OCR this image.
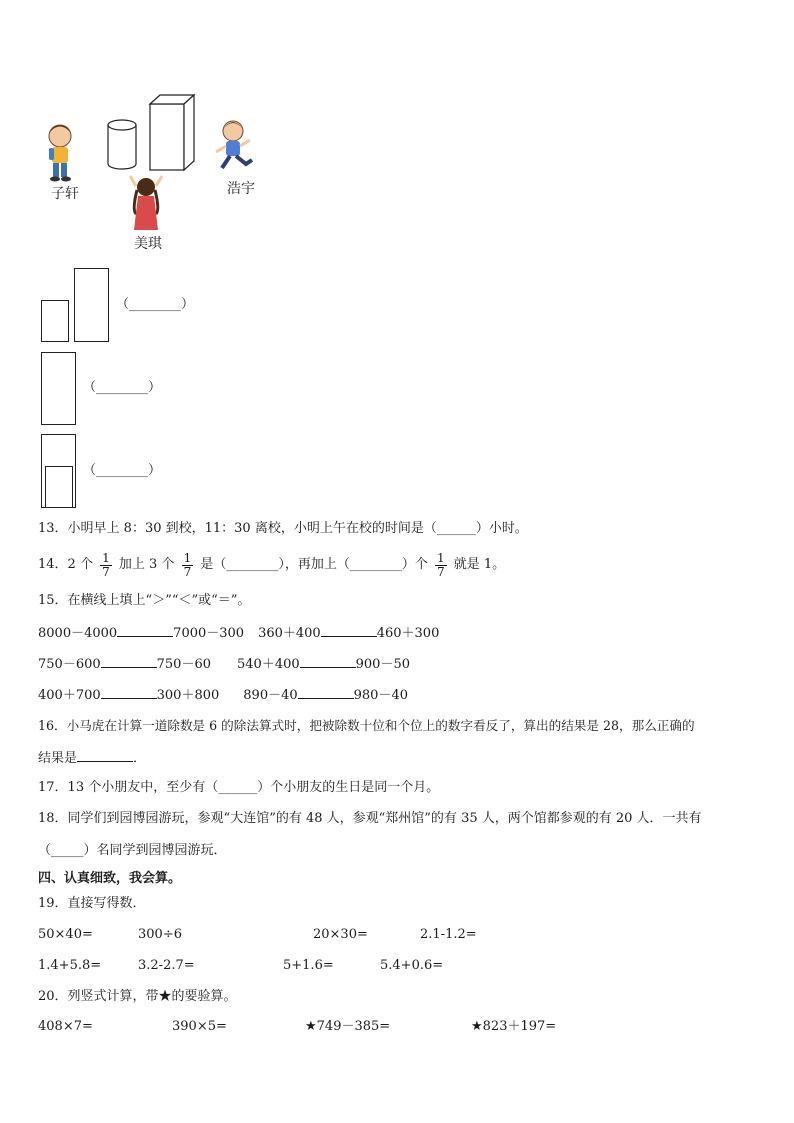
子轩	浩宇
美琪
（________）
（________）
（________）
13．小明早上 8：30 到校，11：30 离校，小明上午在校的时间是（______）小时。
14．2 个 $\frac{1}{7}$ 加上 3 个 $\frac{1}{7}$ 是（________），再加上（________）个 $\frac{1}{7}$ 就是 1。
15．在横线上填上“＞”“＜”或“＝”。
8000－4000	7000－300 360＋400	460＋300
750－600	750－60 540＋400	900－50
400＋700	300＋800 890－40	980－40
16．小马虎在计算一道除数是 6 的除法算式时，把被除数十位和个位上的数字看反了，算出的结果是 28，那么正确的
结果是	．
17．13 个小朋友中，至少有（______）个小朋友的生日是同一个月。
18．同学们到园博园游玩，参观“大连馆”的有 48 人，参观“郑州馆”的有 35 人，两个馆都参观的有 20 人．一共有
（_____）名同学到园博园游玩．
四、认真细致，我会算。
19．直接写得数．
50×40=	300÷6	20×30=	2.1-1.2=
1.4+5.8=	3.2-2.7=	5+1.6=	5.4+0.6=
20．列竖式计算，带★的要验算。
408×7=	390×5=	★749－385=	★823＋197=
